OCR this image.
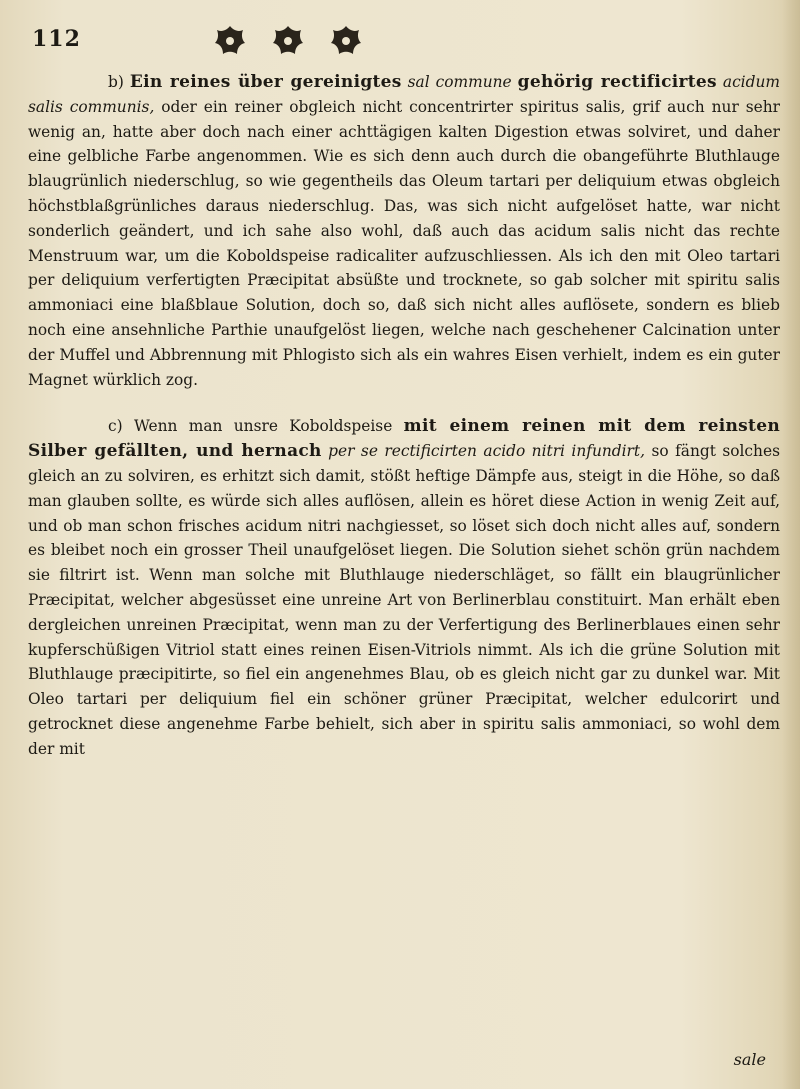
112

b) Ein reines über gereinigtes sal commune gehörig rectificirtes acidum salis communis, oder ein reiner obgleich nicht concentrirter spiritus salis, grif auch nur sehr wenig an, hatte aber doch nach einer achttägigen kalten Digestion etwas solviret, und daher eine gelbliche Farbe angenommen. Wie es sich denn auch durch die obangeführte Bluthlauge blaugrünlich niederschlug, so wie gegentheils das Oleum tartari per deliquium etwas obgleich höchstblaßgrünliches daraus niederschlug. Das, was sich nicht aufgelöset hatte, war nicht sonderlich geändert, und ich sahe also wohl, daß auch das acidum salis nicht das rechte Menstruum war, um die Koboldspeise radicaliter aufzuschliessen. Als ich den mit Oleo tartari per deliquium verfertigten Præcipitat absüßte und trocknete, so gab solcher mit spiritu salis ammoniaci eine blaßblaue Solution, doch so, daß sich nicht alles auflösete, sondern es blieb noch eine ansehnliche Parthie unaufgelöst liegen, welche nach geschehener Calcination unter der Muffel und Abbrennung mit Phlogisto sich als ein wahres Eisen verhielt, indem es ein guter Magnet würklich zog.

c) Wenn man unsre Koboldspeise mit einem reinen mit dem reinsten Silber gefällten, und hernach per se rectificirten acido nitri infundirt, so fängt solches gleich an zu solviren, es erhitzt sich damit, stößt heftige Dämpfe aus, steigt in die Höhe, so daß man glauben sollte, es würde sich alles auflösen, allein es höret diese Action in wenig Zeit auf, und ob man schon frisches acidum nitri nachgiesset, so löset sich doch nicht alles auf, sondern es bleibet noch ein grosser Theil unaufgelöset liegen. Die Solution siehet schön grün nachdem sie filtrirt ist. Wenn man solche mit Bluthlauge niederschläget, so fällt ein blaugrünlicher Præcipitat, welcher abgesüsset eine unreine Art von Berlinerblau constituirt. Man erhält eben dergleichen unreinen Præcipitat, wenn man zu der Verfertigung des Berlinerblaues einen sehr kupferschüßigen Vitriol statt eines reinen Eisen-Vitriols nimmt. Als ich die grüne Solution mit Bluthlauge præcipitirte, so fiel ein angenehmes Blau, ob es gleich nicht gar zu dunkel war. Mit Oleo tartari per deliquium fiel ein schöner grüner Præcipitat, welcher edulcorirt und getrocknet diese angenehme Farbe behielt, sich aber in spiritu salis ammoniaci, so wohl dem der mit

sale
